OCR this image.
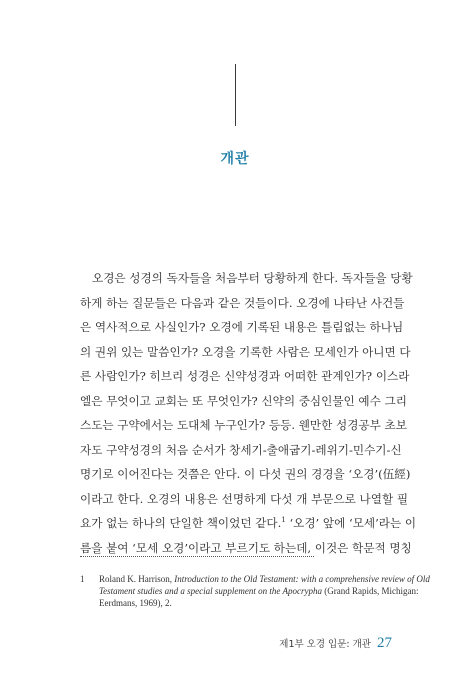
개관
오경은 성경의 독자들을 처음부터 당황하게 한다. 독자들을 당황
하게 하는 질문들은 다음과 같은 것들이다. 오경에 나타난 사건들
은 역사적으로 사실인가? 오경에 기록된 내용은 틀림없는 하나님
의 권위 있는 말씀인가? 오경을 기록한 사람은 모세인가 아니면 다
른 사람인가? 히브리 성경은 신약성경과 어떠한 관계인가? 이스라
엘은 무엇이고 교회는 또 무엇인가? 신약의 중심인물인 예수 그리
스도는 구약에서는 도대체 누구인가? 등등. 웬만한 성경공부 초보
자도 구약성경의 처음 순서가 창세기-출애굽기-레위기-민수기-신
명기로 이어진다는 것쯤은 안다. 이 다섯 권의 경경을 ‘오경’(伍經)
이라고 한다. 오경의 내용은 선명하게 다섯 개 부문으로 나열할 필
요가 없는 하나의 단일한 책이었던 같다.$^1$ ‘오경’ 앞에 ‘모세’라는 이
름을 붙여 ‘모세 오경’이라고 부르기도 하는데, 이것은 학문적 명칭
1 Roland K. Harrison, Introduction to the Old Testament: with a comprehensive review of Old
Testament studies and a special supplement on the Apocrypha (Grand Rapids, Michigan:
Eerdmans, 1969), 2.
제1부 오경 입문: 개관 27
